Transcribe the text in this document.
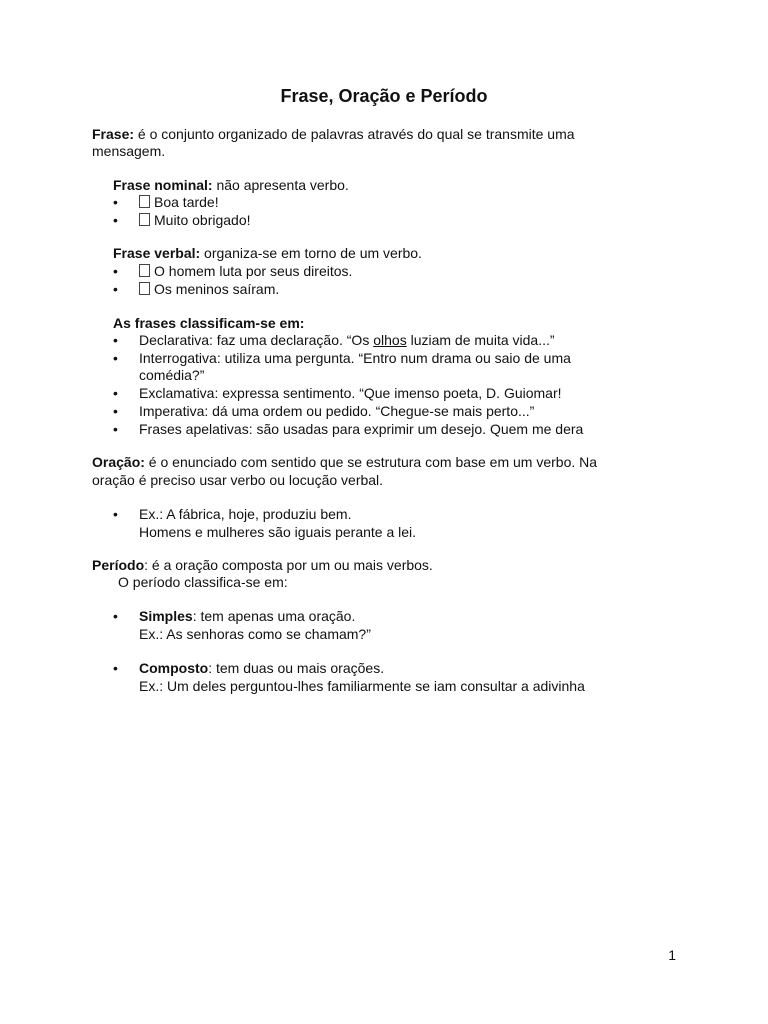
Frase, Oração e Período
Frase: é o conjunto organizado de palavras através do qual se transmite uma
mensagem.
Frase nominal: não apresenta verbo.
•	Boa tarde!
•	Muito obrigado!
Frase verbal: organiza-se em torno de um verbo.
•	O homem luta por seus direitos.
•	Os meninos saíram.
As frases classificam-se em:
• Declarativa: faz uma declaração. “Os olhos luziam de muita vida...”
• Interrogativa: utiliza uma pergunta. “Entro num drama ou saio de uma
comédia?”
• Exclamativa: expressa sentimento. “Que imenso poeta, D. Guiomar!
• Imperativa: dá uma ordem ou pedido. “Chegue-se mais perto...”
• Frases apelativas: são usadas para exprimir um desejo. Quem me dera
Oração: é o enunciado com sentido que se estrutura com base em um verbo. Na
oração é preciso usar verbo ou locução verbal.
• Ex.: A fábrica, hoje, produziu bem.
Homens e mulheres são iguais perante a lei.
Período: é a oração composta por um ou mais verbos.
O período classifica-se em:
• Simples: tem apenas uma oração.
Ex.: As senhoras como se chamam?”
• Composto: tem duas ou mais orações.
Ex.: Um deles perguntou-lhes familiarmente se iam consultar a adivinha
1
